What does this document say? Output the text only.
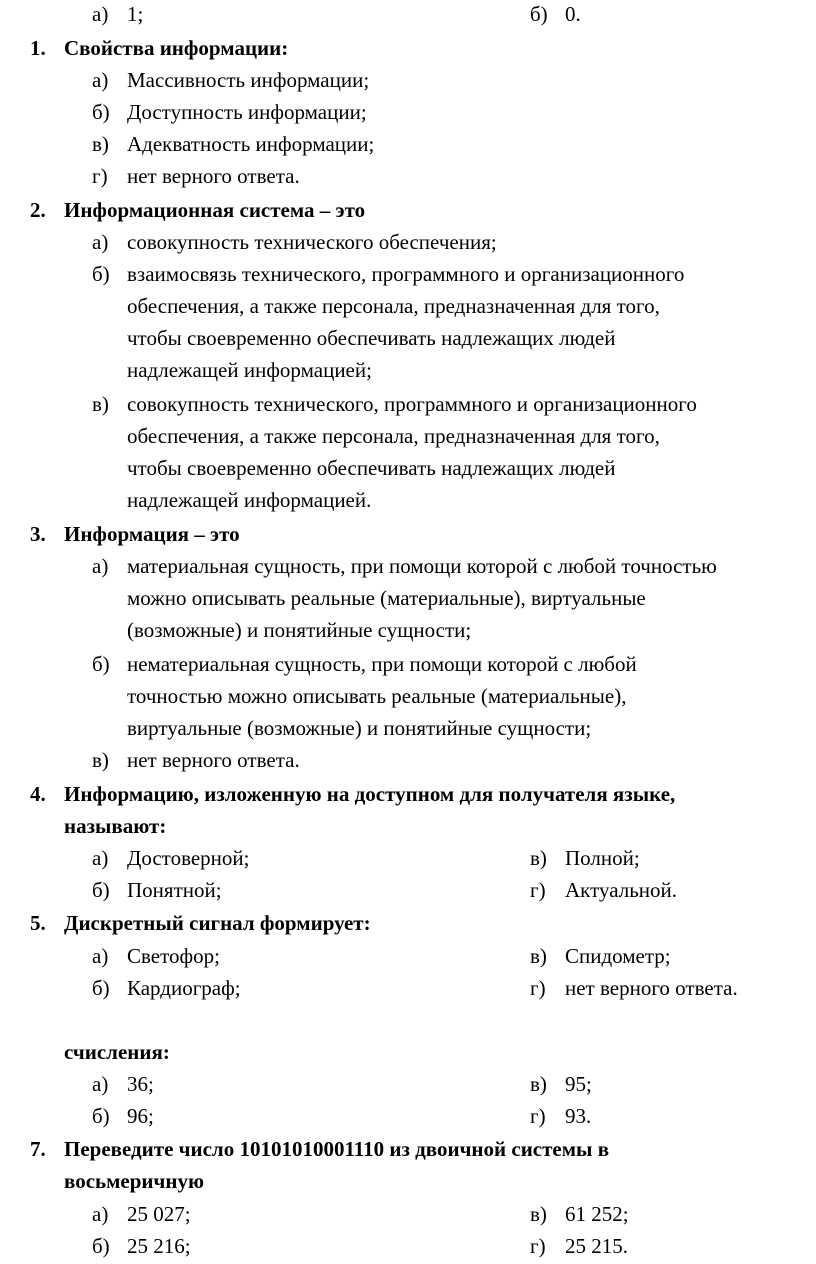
а) 1;	б) 0.
1. Свойства информации:
а) Массивность информации;
б) Доступность информации;
в) Адекватность информации;
г) нет верного ответа.
2. Информационная система – это
а) совокупность технического обеспечения;
б) взаимосвязь технического, программного и организационного
обеспечения, а также персонала, предназначенная для того,
чтобы своевременно обеспечивать надлежащих людей
надлежащей информацией;
в) совокупность технического, программного и организационного
обеспечения, а также персонала, предназначенная для того,
чтобы своевременно обеспечивать надлежащих людей
надлежащей информацией.
3. Информация – это
а) материальная сущность, при помощи которой с любой точностью
можно описывать реальные (материальные), виртуальные
(возможные) и понятийные сущности;
б) нематериальная сущность, при помощи которой с любой
точностью можно описывать реальные (материальные),
виртуальные (возможные) и понятийные сущности;
в) нет верного ответа.
4. Информацию, изложенную на доступном для получателя языке,
называют:
а) Достоверной;	в) Полной;
б) Понятной;	г) Актуальной.
5. Дискретный сигнал формирует:
а) Светофор;	в) Спидометр;
б) Кардиограф;	г) нет верного ответа.
счисления:
а) 36;	в) 95;
б) 96;	г) 93.
7. Переведите число 10101010001110 из двоичной системы в
восьмеричную
а) 25 027;	в) 61 252;
б) 25 216;	г) 25 215.
